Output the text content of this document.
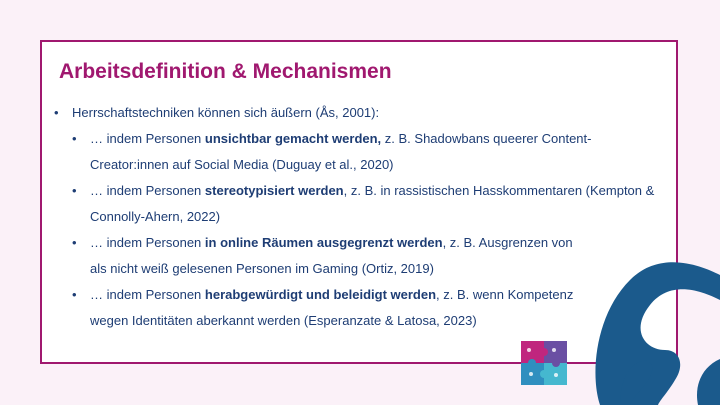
Arbeitsdefinition & Mechanismen
• Herrschaftstechniken können sich äußern (Ås, 2001):
• … indem Personen unsichtbar gemacht werden, z. B. Shadowbans queerer Content-
Creator:innen auf Social Media (Duguay et al., 2020)
• … indem Personen stereotypisiert werden, z. B. in rassistischen Hasskommentaren (Kempton &
Connolly-Ahern, 2022)
• … indem Personen in online Räumen ausgegrenzt werden, z. B. Ausgrenzen von
als nicht weiß gelesenen Personen im Gaming (Ortiz, 2019)
• … indem Personen herabgewürdigt und beleidigt werden, z. B. wenn Kompetenz
wegen Identitäten aberkannt werden (Esperanzate & Latosa, 2023)
